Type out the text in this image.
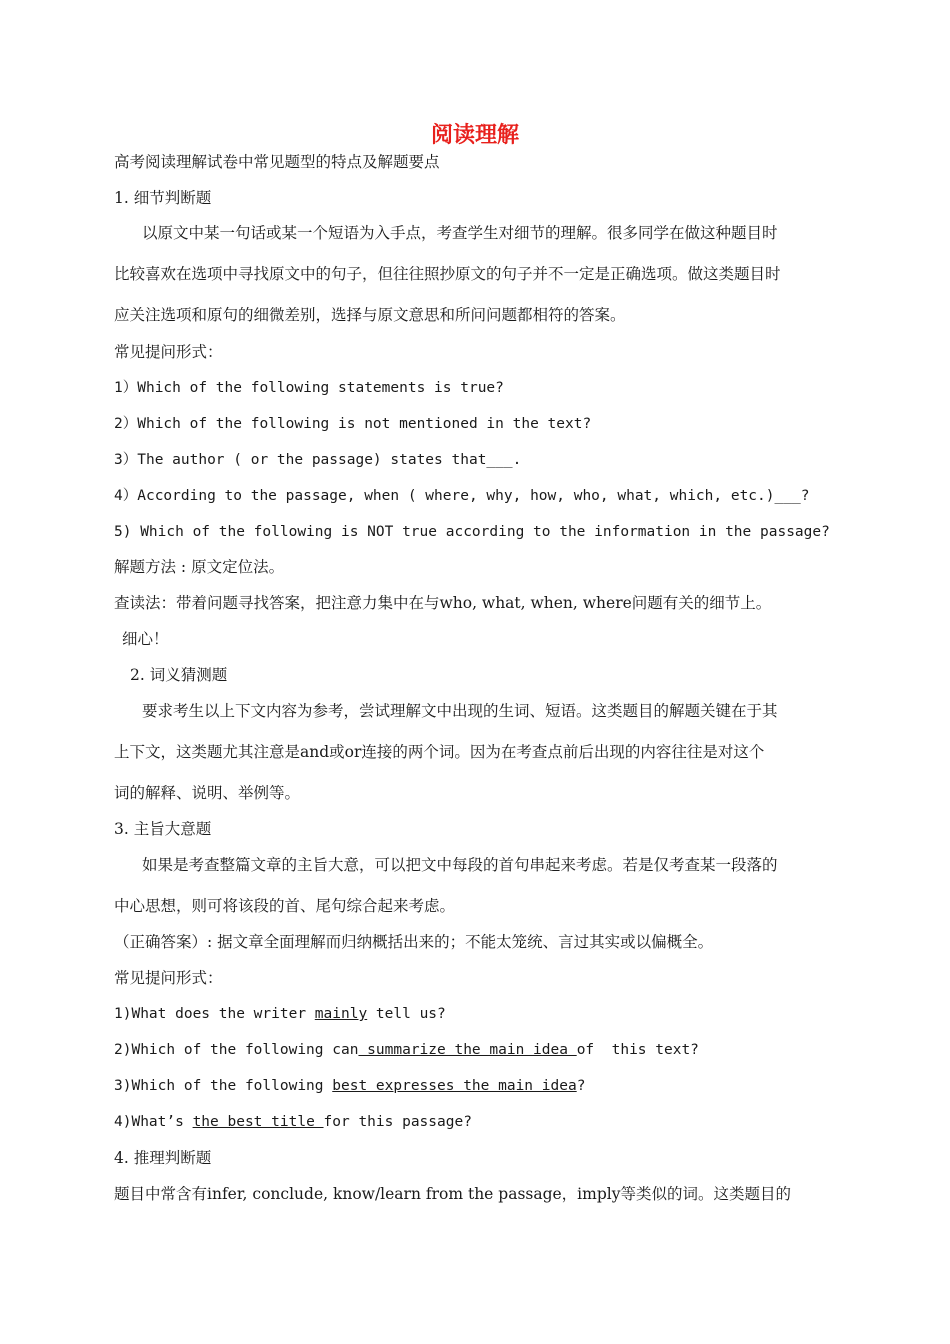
阅读理解
高考阅读理解试卷中常见题型的特点及解题要点
1. 细节判断题
以原文中某一句话或某一个短语为入手点，考查学生对细节的理解。很多同学在做这种题目时
比较喜欢在选项中寻找原文中的句子，但往往照抄原文的句子并不一定是正确选项。做这类题目时
应关注选项和原句的细微差别，选择与原文意思和所问问题都相符的答案。
常见提问形式：
1）Which of the following statements is true?
2）Which of the following is not mentioned in the text?
3）The author ( or the passage) states that___.
4）According to the passage, when ( where, why, how, who, what, which, etc.)___?
5) Which of the following is NOT true according to the information in the passage?
解题方法 : 原文定位法。
查读法：带着问题寻找答案，把注意力集中在与who, what, when, where问题有关的细节上。
细心！
2. 词义猜测题
要求考生以上下文内容为参考，尝试理解文中出现的生词、短语。这类题目的解题关键在于其
上下文，这类题尤其注意是and或or连接的两个词。因为在考查点前后出现的内容往往是对这个
词的解释、说明、举例等。
3. 主旨大意题
如果是考查整篇文章的主旨大意，可以把文中每段的首句串起来考虑。若是仅考查某一段落的
中心思想，则可将该段的首、尾句综合起来考虑。
（正确答案）: 据文章全面理解而归纳概括出来的；不能太笼统、言过其实或以偏概全。
常见提问形式：
1)What does the writer mainly tell us?
2)Which of the following can summarize the main idea of  this text?
3)Which of the following best expresses the main idea?
4)What’s the best title for this passage?
4. 推理判断题
题目中常含有infer, conclude, know/learn from the passage，imply等类似的词。这类题目的
